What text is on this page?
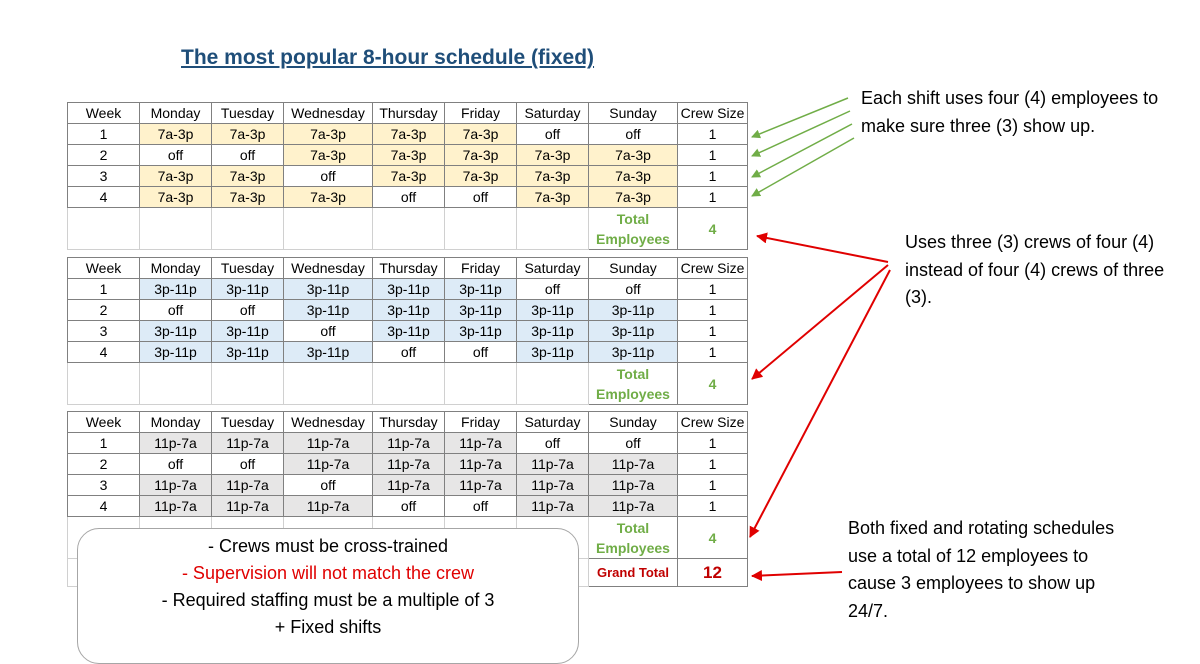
The most popular 8-hour schedule (fixed)
Week	Monday	Tuesday	Wednesday	Thursday	Friday	Saturday	Sunday	Crew Size
1	7a-3p	7a-3p	7a-3p	7a-3p	7a-3p	off	off	1
2	off	off	7a-3p	7a-3p	7a-3p	7a-3p	7a-3p	1
3	7a-3p	7a-3p	off	7a-3p	7a-3p	7a-3p	7a-3p	1
4	7a-3p	7a-3p	7a-3p	off	off	7a-3p	7a-3p	1
							Total Employees	4
Week	Monday	Tuesday	Wednesday	Thursday	Friday	Saturday	Sunday	Crew Size
1	3p-11p	3p-11p	3p-11p	3p-11p	3p-11p	off	off	1
2	off	off	3p-11p	3p-11p	3p-11p	3p-11p	3p-11p	1
3	3p-11p	3p-11p	off	3p-11p	3p-11p	3p-11p	3p-11p	1
4	3p-11p	3p-11p	3p-11p	off	off	3p-11p	3p-11p	1
							Total Employees	4
Week	Monday	Tuesday	Wednesday	Thursday	Friday	Saturday	Sunday	Crew Size
1	11p-7a	11p-7a	11p-7a	11p-7a	11p-7a	off	off	1
2	off	off	11p-7a	11p-7a	11p-7a	11p-7a	11p-7a	1
3	11p-7a	11p-7a	off	11p-7a	11p-7a	11p-7a	11p-7a	1
4	11p-7a	11p-7a	11p-7a	off	off	11p-7a	11p-7a	1
							Total Employees	4
							Grand Total	12
- Crews must be cross-trained
- Supervision will not match the crew
- Required staffing must be a multiple of 3
+ Fixed shifts
Each shift uses four (4) employees to make sure three (3) show up.
Uses three (3) crews of four (4) instead of four (4) crews of three (3).
Both fixed and rotating schedules use a total of 12 employees to cause 3 employees to show up 24/7.
